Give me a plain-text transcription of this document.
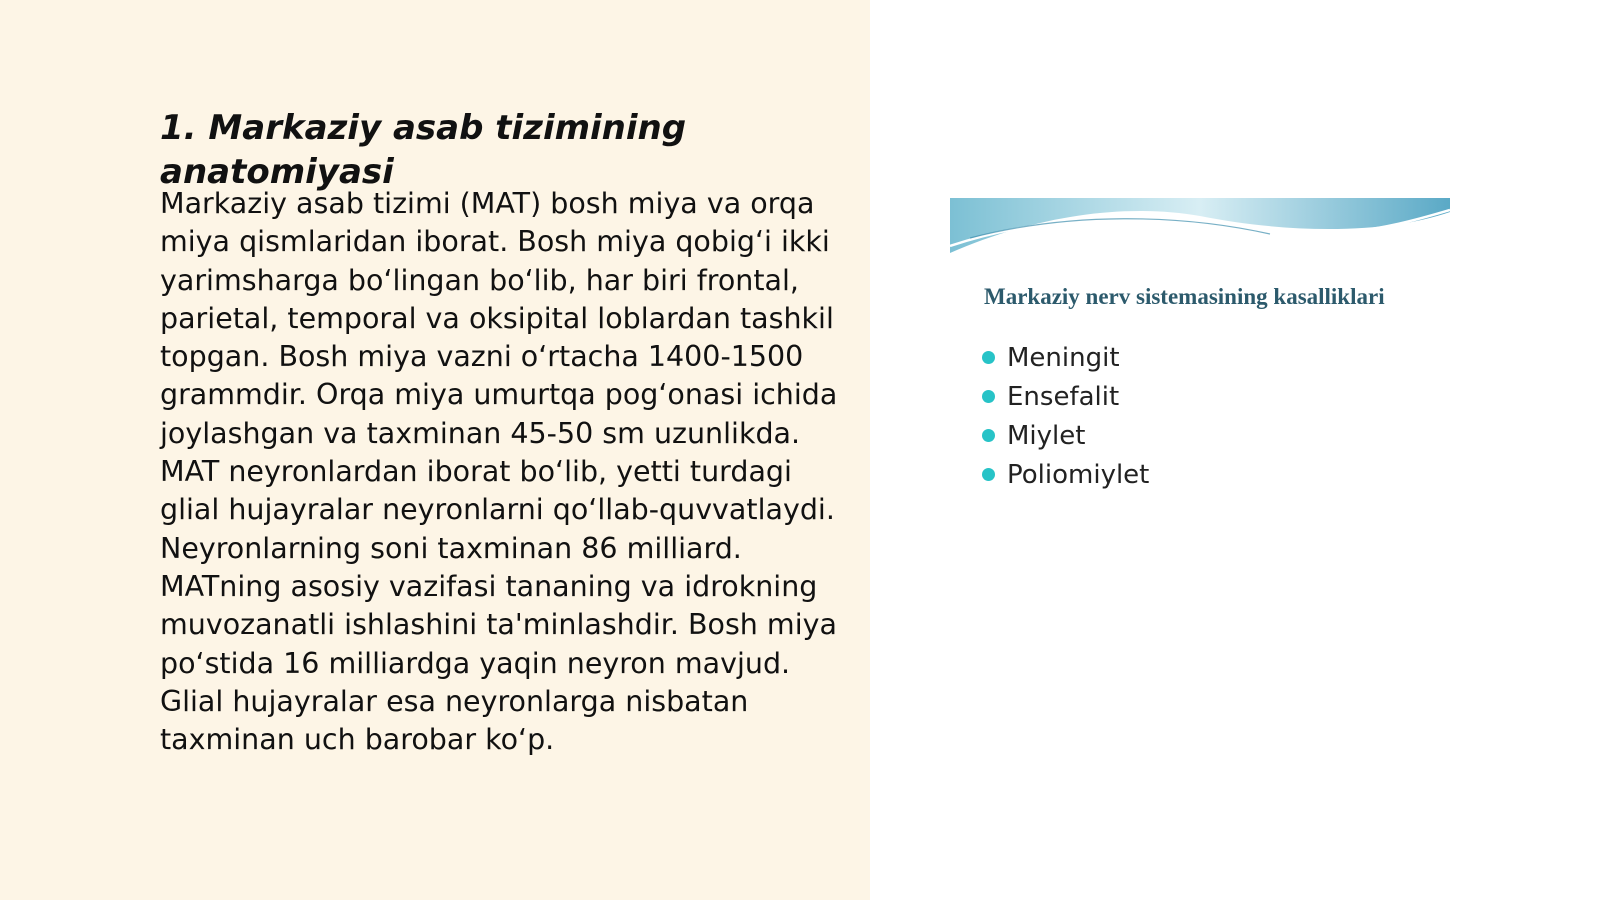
1. Markaziy asab tizimining anatomiyasi

Markaziy asab tizimi (MAT) bosh miya va orqa miya qismlaridan iborat. Bosh miya qobig‘i ikki yarimsharga bo‘lingan bo‘lib, har biri frontal, parietal, temporal va oksipital loblardan tashkil topgan. Bosh miya vazni o‘rtacha 1400-1500 grammdir. Orqa miya umurtqa pog‘onasi ichida joylashgan va taxminan 45-50 sm uzunlikda. MAT neyronlardan iborat bo‘lib, yetti turdagi glial hujayralar neyronlarni qo‘llab-quvvatlaydi. Neyronlarning soni taxminan 86 milliard. MATning asosiy vazifasi tananing va idrokning muvozanatli ishlashini ta'minlashdir. Bosh miya po‘stida 16 milliardga yaqin neyron mavjud. Glial hujayralar esa neyronlarga nisbatan taxminan uch barobar ko‘p.

Markaziy nerv sistemasining kasalliklari
Meningit
Ensefalit
Miylet
Poliomiylet
